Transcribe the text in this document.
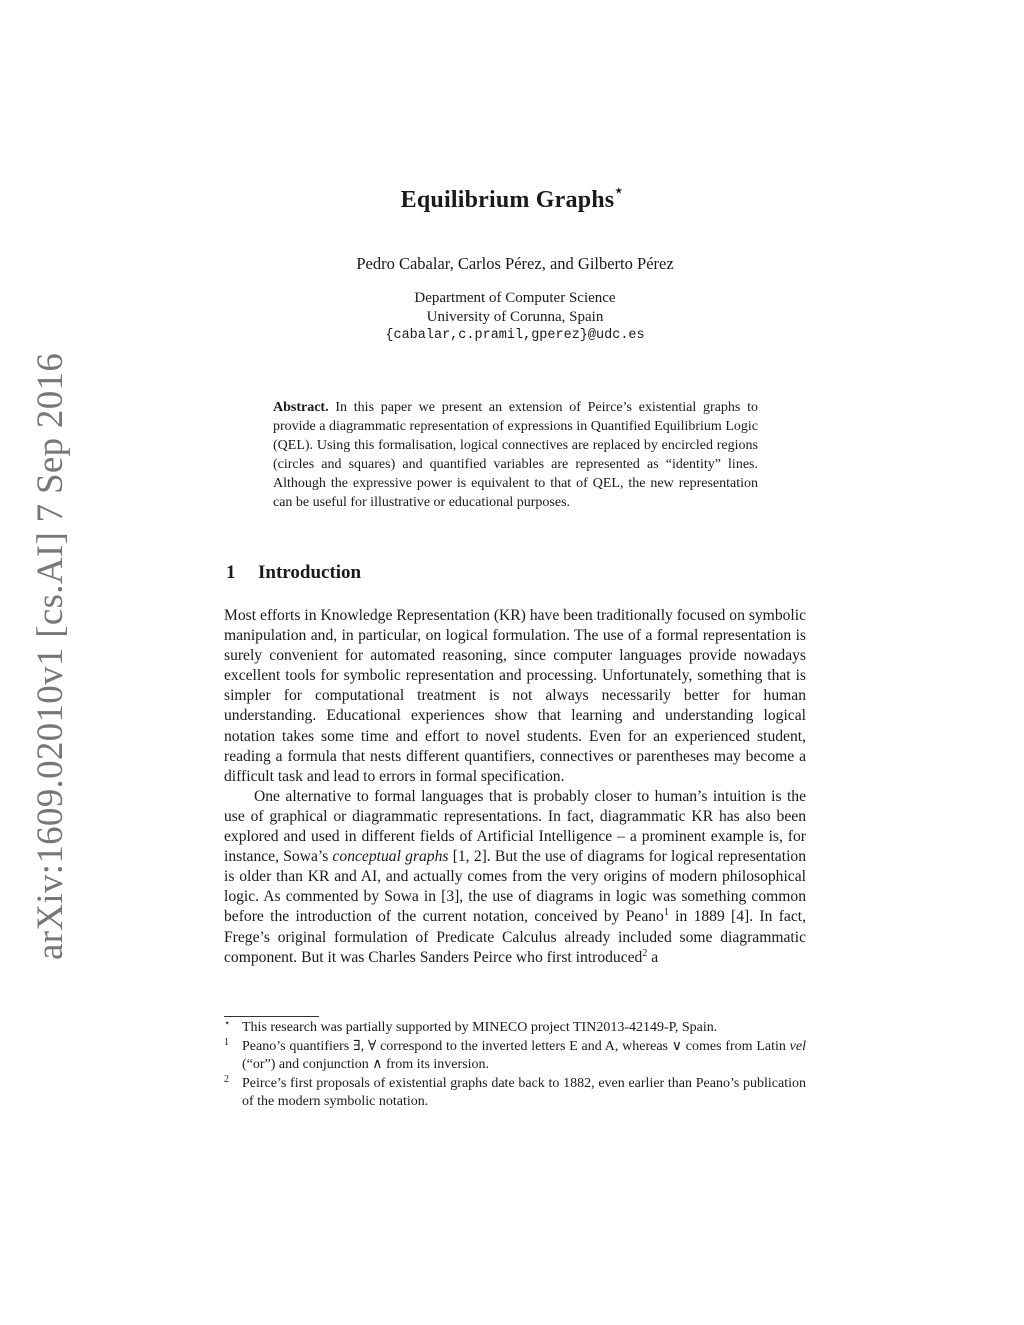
arXiv:1609.02010v1 [cs.AI] 7 Sep 2016
Equilibrium Graphs⋆
Pedro Cabalar, Carlos Pérez, and Gilberto Pérez
Department of Computer Science
University of Corunna, Spain
{cabalar,c.pramil,gperez}@udc.es
Abstract. In this paper we present an extension of Peirce’s existential graphs to provide a diagrammatic representation of expressions in Quantified Equilibrium Logic (QEL). Using this formalisation, logical connectives are replaced by encircled regions (circles and squares) and quantified variables are represented as “identity” lines. Although the expressive power is equivalent to that of QEL, the new representation can be useful for illustrative or educational purposes.
1 Introduction

Most efforts in Knowledge Representation (KR) have been traditionally focused on symbolic manipulation and, in particular, on logical formulation. The use of a formal representation is surely convenient for automated reasoning, since computer languages provide nowadays excellent tools for symbolic representation and processing. Unfortunately, something that is simpler for computational treatment is not always necessarily better for human understanding. Educational experiences show that learning and understanding logical notation takes some time and effort to novel students. Even for an experienced student, reading a formula that nests different quantifiers, connectives or parentheses may become a difficult task and lead to errors in formal specification.

One alternative to formal languages that is probably closer to human’s intuition is the use of graphical or diagrammatic representations. In fact, diagrammatic KR has also been explored and used in different fields of Artificial Intelligence – a prominent example is, for instance, Sowa’s conceptual graphs [1, 2]. But the use of diagrams for logical representation is older than KR and AI, and actually comes from the very origins of modern philosophical logic. As commented by Sowa in [3], the use of diagrams in logic was something common before the introduction of the current notation, conceived by Peano$^1$ in 1889 [4]. In fact, Frege’s original formulation of Predicate Calculus already included some diagrammatic component. But it was Charles Sanders Peirce who first introduced$^2$ a

⋆ This research was partially supported by MINECO project TIN2013-42149-P, Spain.
1 Peano’s quantifiers ∃, ∀ correspond to the inverted letters E and A, whereas ∨ comes from Latin vel (“or”) and conjunction ∧ from its inversion.
2 Peirce’s first proposals of existential graphs date back to 1882, even earlier than Peano’s publication of the modern symbolic notation.
